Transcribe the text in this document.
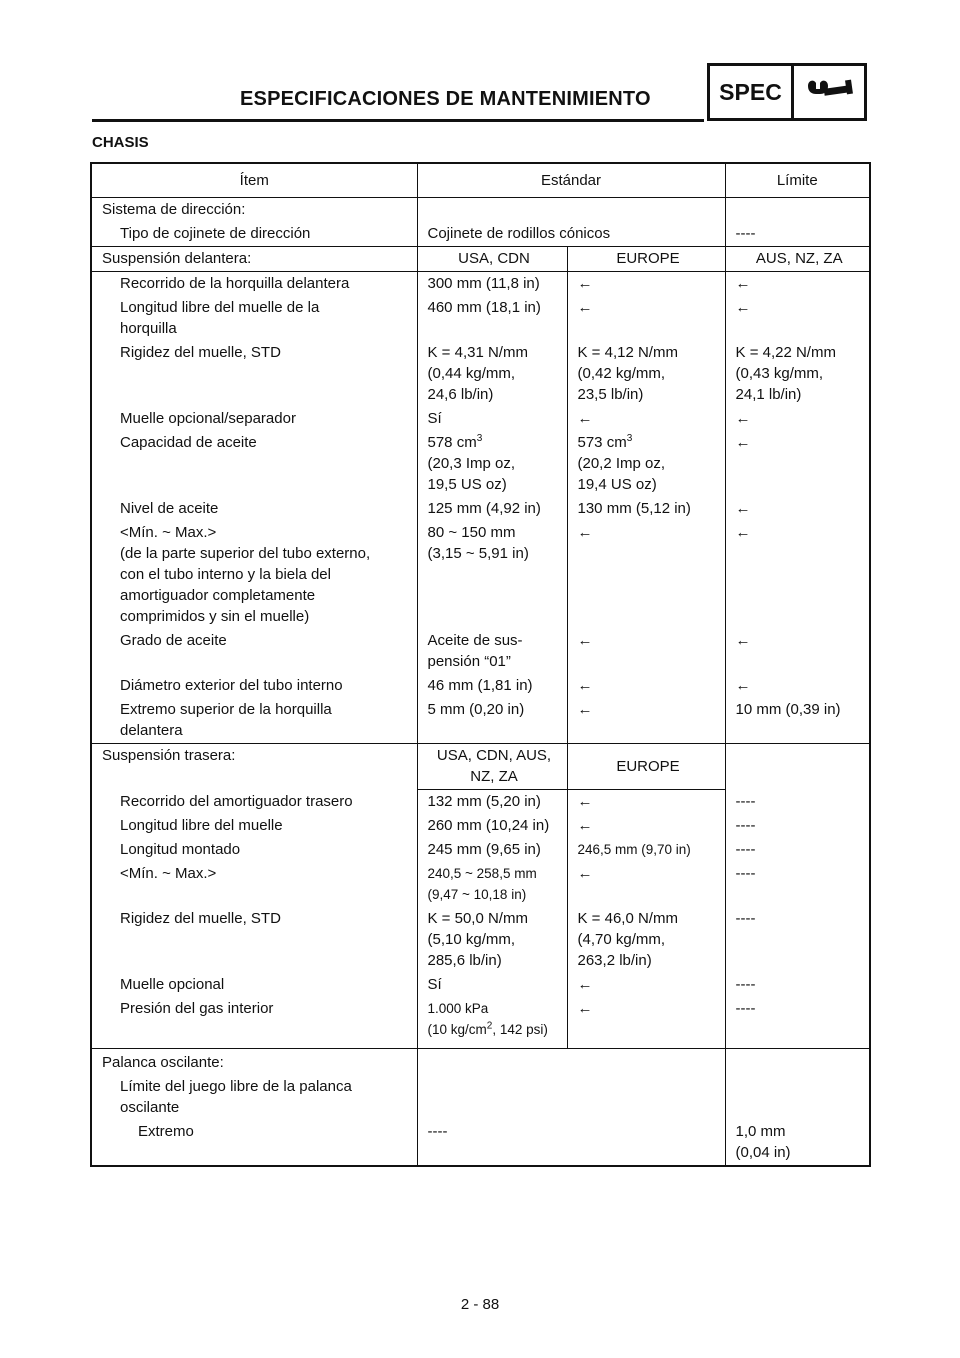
ESPECIFICACIONES DE MANTENIMIENTO	SPEC
CHASIS
Ítem	Estándar		Límite
Sistema de dirección:			
Tipo de cojinete de dirección	Cojinete de rodillos cónicos		----
Suspensión delantera:	USA, CDN	EUROPE	AUS, NZ, ZA
Recorrido de la horquilla delantera	300 mm (11,8 in)	←	←
Longitud libre del muelle de la
horquilla	460 mm (18,1 in)	←	←
Rigidez del muelle, STD	K = 4,31 N/mm
(0,44 kg/mm,
24,6 lb/in)	K = 4,12 N/mm
(0,42 kg/mm,
23,5 lb/in)	K = 4,22 N/mm
(0,43 kg/mm,
24,1 lb/in)
Muelle opcional/separador	Sí	←	←
Capacidad de aceite	578 $cm^3$
(20,3 Imp oz,
19,5 US oz)	573 $cm^3$
(20,2 Imp oz,
19,4 US oz)	←
Nivel de aceite	125 mm (4,92 in)	130 mm (5,12 in)	←
<Mín. ~ Max.>
(de la parte superior del tubo externo,
con el tubo interno y la biela del
amortiguador completamente
comprimidos y sin el muelle)	80 ~ 150 mm
(3,15 ~ 5,91 in)	←	←
Grado de aceite	Aceite de sus-
pensión “01”	←	←
Diámetro exterior del tubo interno	46 mm (1,81 in)	←	←
Extremo superior de la horquilla
delantera	5 mm (0,20 in)	←	10 mm (0,39 in)
Suspensión trasera:	USA, CDN, AUS,
NZ, ZA	EUROPE	
Recorrido del amortiguador trasero	132 mm (5,20 in)	←	----
Longitud libre del muelle	260 mm (10,24 in)	←	----
Longitud montado	245 mm (9,65 in)	246,5 mm (9,70 in)	----
<Mín. ~ Max.>	240,5 ~ 258,5 mm
(9,47 ~ 10,18 in)	←	----
Rigidez del muelle, STD	K = 50,0 N/mm
(5,10 kg/mm,
285,6 lb/in)	K = 46,0 N/mm
(4,70 kg/mm,
263,2 lb/in)	----
Muelle opcional	Sí	←	----
Presión del gas interior	1.000 kPa
(10 $kg/cm^2$, 142 psi)	←	----

Palanca oscilante:			
Límite del juego libre de la palanca
oscilante			
Extremo	----		1,0 mm
(0,04 in)
2 - 88
